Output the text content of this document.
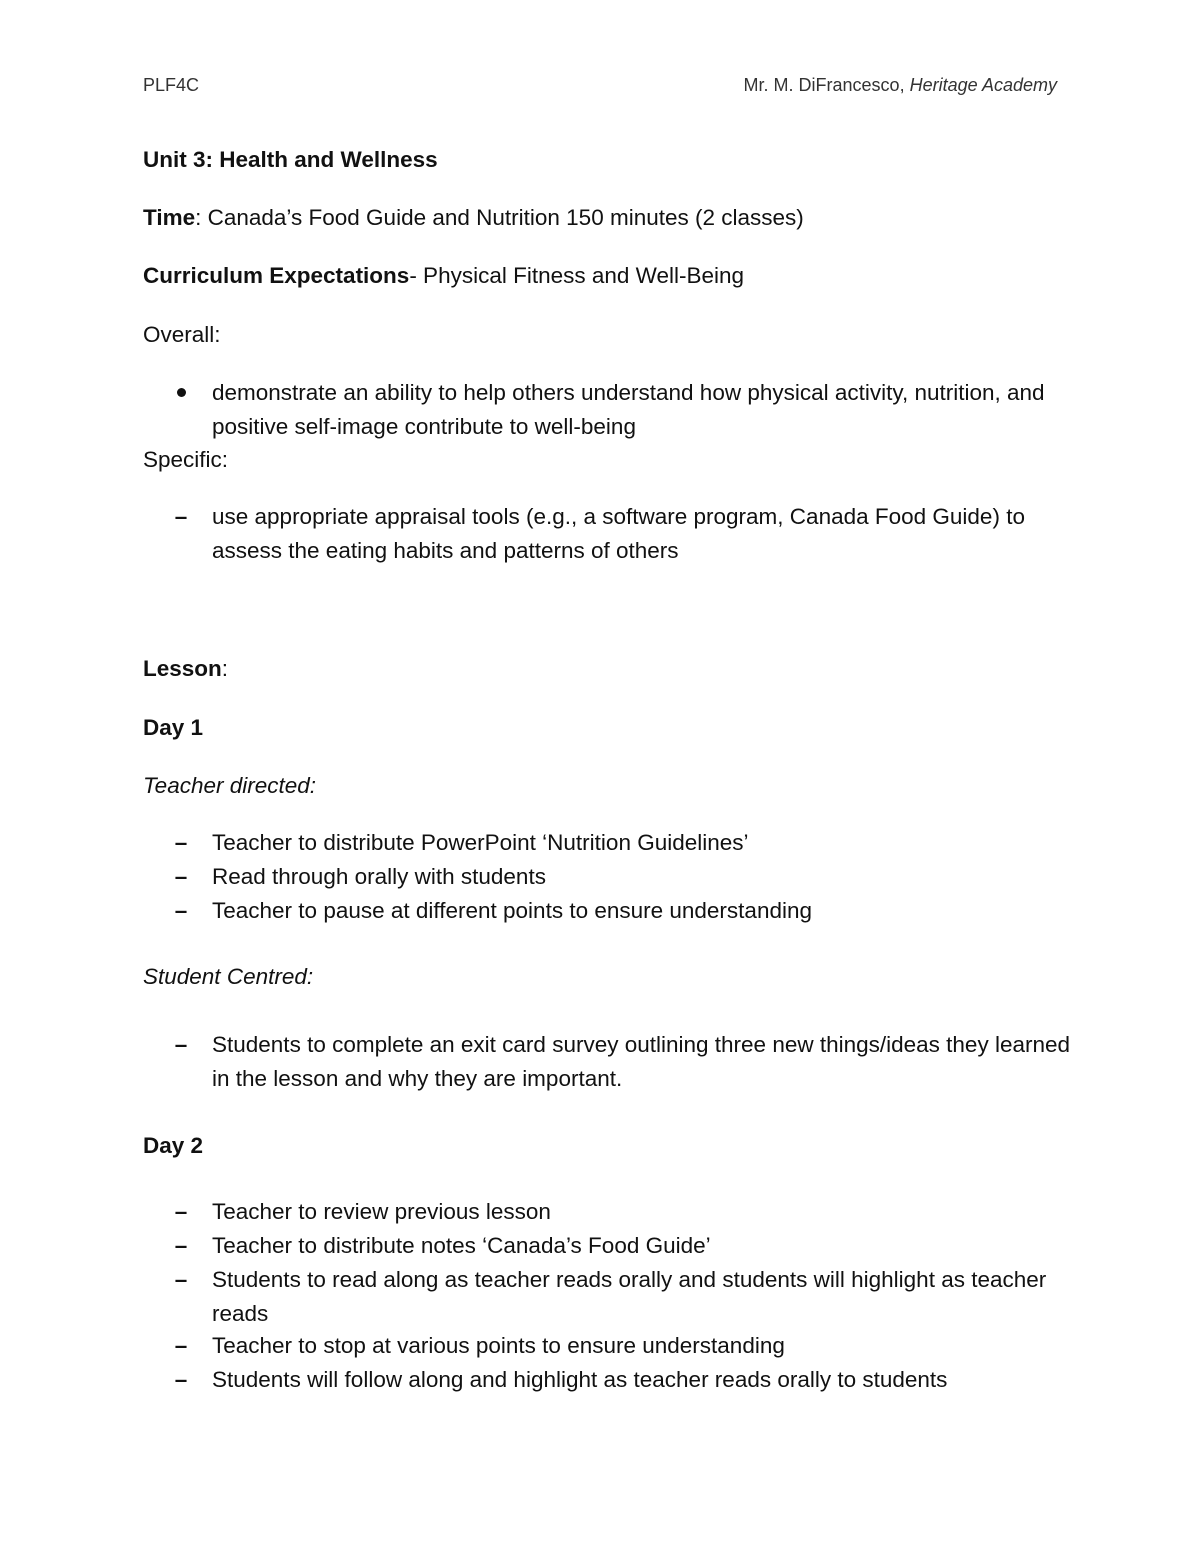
PLF4C	Mr. M. DiFrancesco, Heritage Academy
Unit 3: Health and Wellness
Time: Canada’s Food Guide and Nutrition 150 minutes (2 classes)
Curriculum Expectations- Physical Fitness and Well-Being
Overall:
demonstrate an ability to help others understand how physical activity, nutrition, and positive self-image contribute to well-being
Specific:
– use appropriate appraisal tools (e.g., a software program, Canada Food Guide) to assess the eating habits and patterns of others
Lesson:
Day 1
Teacher directed:
– Teacher to distribute PowerPoint ‘Nutrition Guidelines’
– Read through orally with students
– Teacher to pause at different points to ensure understanding
Student Centred:
– Students to complete an exit card survey outlining three new things/ideas they learned in the lesson and why they are important.
Day 2
– Teacher to review previous lesson
– Teacher to distribute notes ‘Canada’s Food Guide’
– Students to read along as teacher reads orally and students will highlight as teacher reads
– Teacher to stop at various points to ensure understanding
– Students will follow along and highlight as teacher reads orally to students
